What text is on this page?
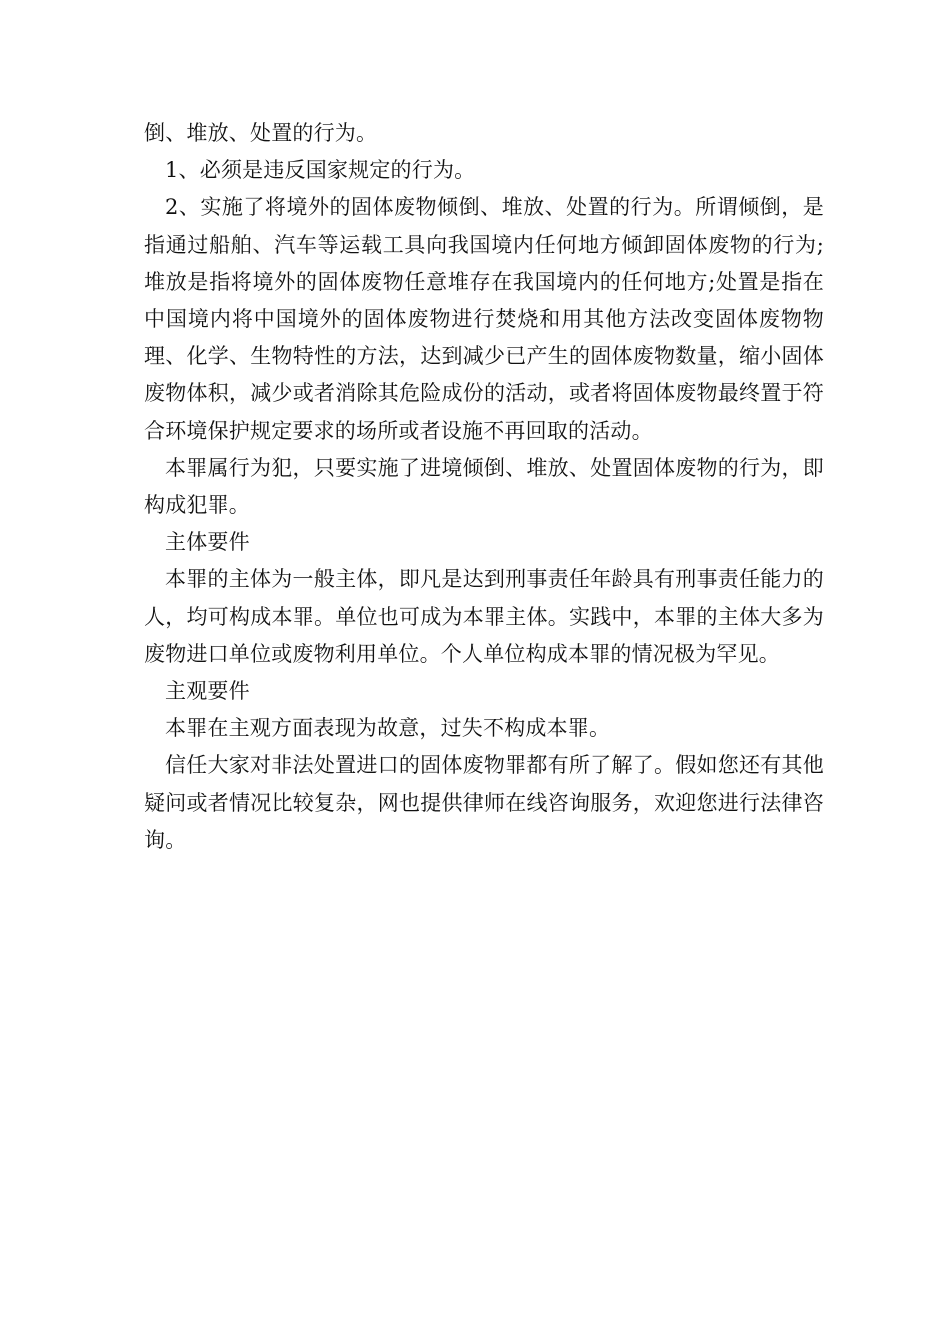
倒、堆放、处置的行为。

1、必须是违反国家规定的行为。

2、实施了将境外的固体废物倾倒、堆放、处置的行为。所谓倾倒，是指通过船舶、汽车等运载工具向我国境内任何地方倾卸固体废物的行为;堆放是指将境外的固体废物任意堆存在我国境内的任何地方;处置是指在中国境内将中国境外的固体废物进行焚烧和用其他方法改变固体废物物理、化学、生物特性的方法，达到减少已产生的固体废物数量，缩小固体废物体积，减少或者消除其危险成份的活动，或者将固体废物最终置于符合环境保护规定要求的场所或者设施不再回取的活动。

本罪属行为犯，只要实施了进境倾倒、堆放、处置固体废物的行为，即构成犯罪。

主体要件

本罪的主体为一般主体，即凡是达到刑事责任年龄具有刑事责任能力的人，均可构成本罪。单位也可成为本罪主体。实践中，本罪的主体大多为废物进口单位或废物利用单位。个人单位构成本罪的情况极为罕见。

主观要件

本罪在主观方面表现为故意，过失不构成本罪。

信任大家对非法处置进口的固体废物罪都有所了解了。假如您还有其他疑问或者情况比较复杂，网也提供律师在线咨询服务，欢迎您进行法律咨询。
